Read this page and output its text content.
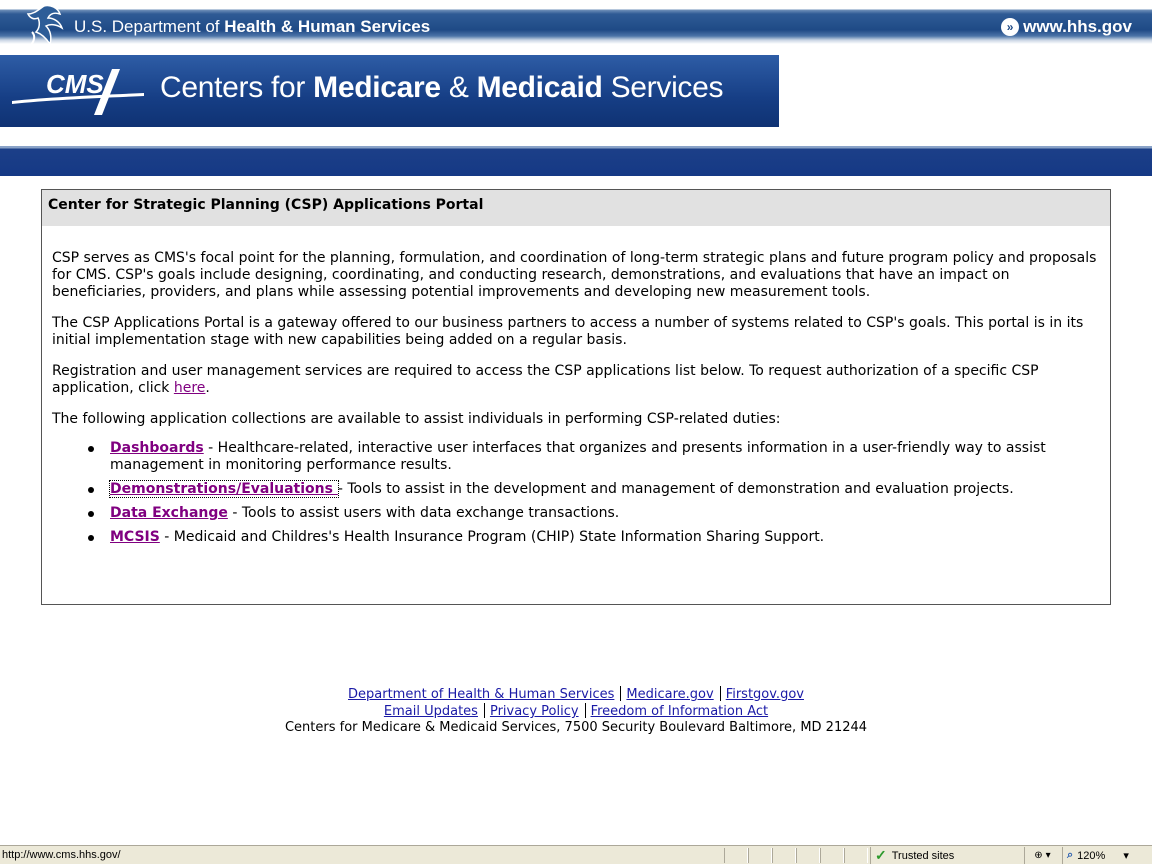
U.S. Department of Health & Human Services	» www.hhs.gov
CMS Centers for Medicare & Medicaid Services
Center for Strategic Planning (CSP) Applications Portal

CSP serves as CMS's focal point for the planning, formulation, and coordination of long-term strategic plans and future program policy and proposals for CMS. CSP's goals include designing, coordinating, and conducting research, demonstrations, and evaluations that have an impact on beneficiaries, providers, and plans while assessing potential improvements and developing new measurement tools.

The CSP Applications Portal is a gateway offered to our business partners to access a number of systems related to CSP's goals. This portal is in its initial implementation stage with new capabilities being added on a regular basis.

Registration and user management services are required to access the CSP applications list below. To request authorization of a specific CSP application, click here.

The following application collections are available to assist individuals in performing CSP-related duties:

Dashboards - Healthcare-related, interactive user interfaces that organizes and presents information in a user-friendly way to assist management in monitoring performance results.
Demonstrations/Evaluations - Tools to assist in the development and management of demonstration and evaluation projects.
Data Exchange - Tools to assist users with data exchange transactions.
MCSIS - Medicaid and Childres's Health Insurance Program (CHIP) State Information Sharing Support.
Department of Health & Human Services Medicare.gov Firstgov.gov
Email Updates Privacy Policy Freedom of Information Act
Centers for Medicare & Medicaid Services, 7500 Security Boulevard Baltimore, MD 21244
http://www.cms.hhs.gov/	✓ Trusted sites	⊕ ▾ ⌕ 120% ▾
